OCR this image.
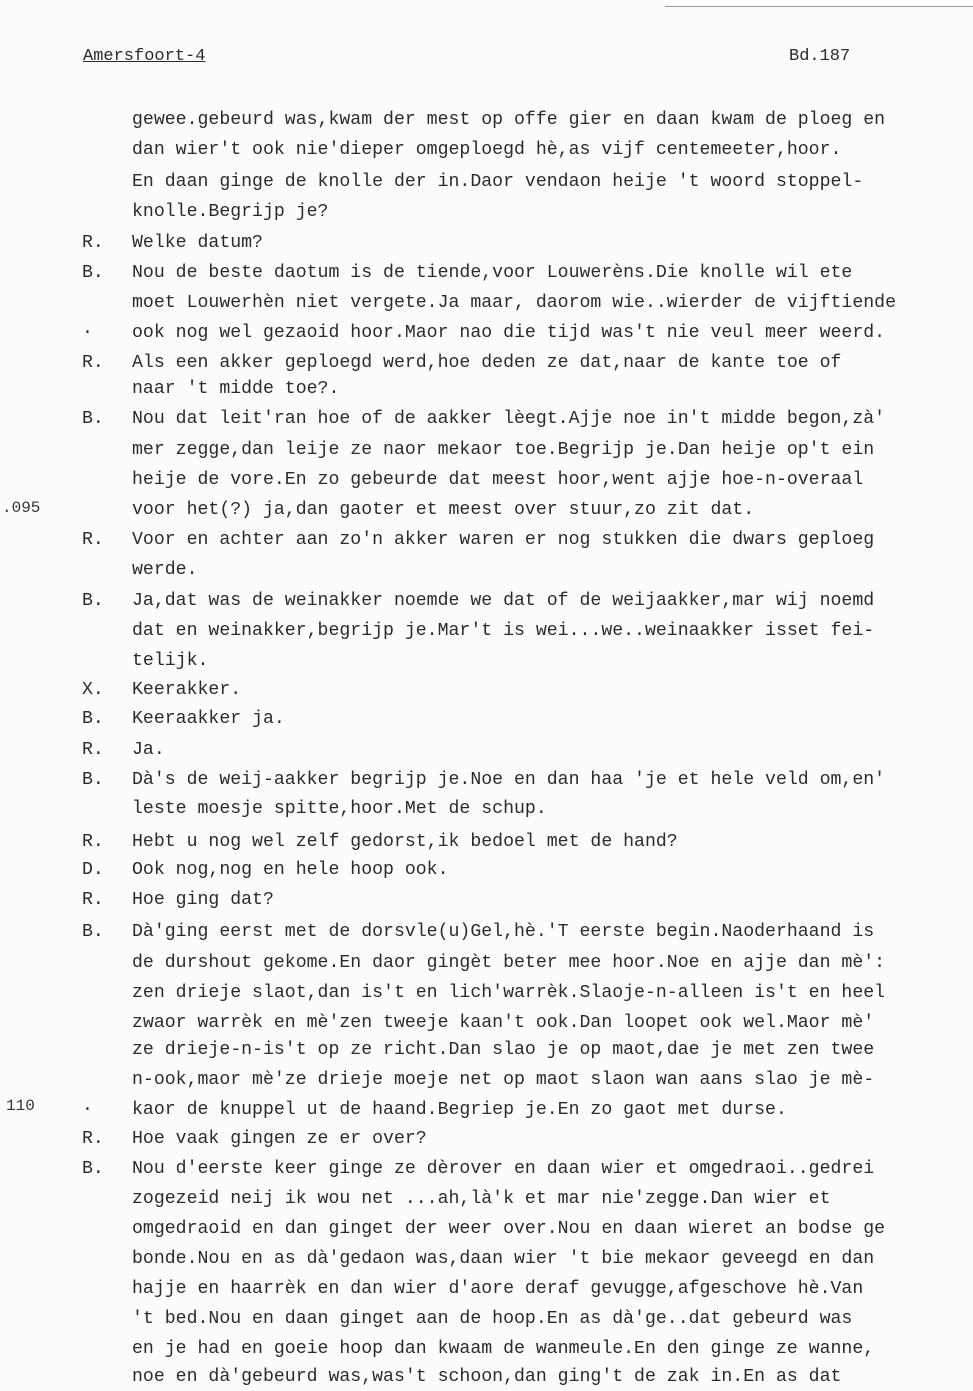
Amersfoort-4	Bd.187
.095
110
gewee.gebeurd was,kwam der mest op offe gier en daan kwam de ploeg en
dan wier't ook nie'dieper omgeploegd hè,as vijf centemeeter,hoor.
En daan ginge de knolle der in.Daor vendaon heije 't woord stoppel-
knolle.Begrijp je?
R. Welke datum?
B. Nou de beste daotum is de tiende,voor Louwerèns.Die knolle wil ete
moet Louwerhèn niet vergete.Ja maar, daorom wie..wierder de vijftiende
· ook nog wel gezaoid hoor.Maor nao die tijd was't nie veul meer weerd.
R. Als een akker geploegd werd,hoe deden ze dat,naar de kante toe of
naar 't midde toe?.
B. Nou dat leit'ran hoe of de aakker lèegt.Ajje noe in't midde begon,zà'
mer zegge,dan leije ze naor mekaor toe.Begrijp je.Dan heije op't ein
heije de vore.En zo gebeurde dat meest hoor,went ajje hoe-n-overaal
voor het(?) ja,dan gaoter et meest over stuur,zo zit dat.
R. Voor en achter aan zo'n akker waren er nog stukken die dwars geploeg
werde.
B. Ja,dat was de weinakker noemde we dat of de weijaakker,mar wij noemd
dat en weinakker,begrijp je.Mar't is wei...we..weinaakker isset fei-
telijk.
X. Keerakker.
B. Keeraakker ja.
R. Ja.
B. Dà's de weij-aakker begrijp je.Noe en dan haa 'je et hele veld om,en'
leste moesje spitte,hoor.Met de schup.
R. Hebt u nog wel zelf gedorst,ik bedoel met de hand?
D. Ook nog,nog en hele hoop ook.
R. Hoe ging dat?
B. Dà'ging eerst met de dorsvle(u)Gel,hè.'T eerste begin.Naoderhaand is
de durshout gekome.En daor gingèt beter mee hoor.Noe en ajje dan mè':
zen drieje slaot,dan is't en lich'warrèk.Slaoje-n-alleen is't en heel
zwaor warrèk en mè'zen tweeje kaan't ook.Dan loopet ook wel.Maor mè'
ze drieje-n-is't op ze richt.Dan slao je op maot,dae je met zen twee
n-ook,maor mè'ze drieje moeje net op maot slaon wan aans slao je mè-
· kaor de knuppel ut de haand.Begriep je.En zo gaot met durse.
R. Hoe vaak gingen ze er over?
B. Nou d'eerste keer ginge ze dèrover en daan wier et omgedraoi..gedrei
zogezeid neij ik wou net ...ah,là'k et mar nie'zegge.Dan wier et
omgedraoid en dan ginget der weer over.Nou en daan wieret an bodse ge
bonde.Nou en as dà'gedaon was,daan wier 't bie mekaor geveegd en dan
hajje en haarrèk en dan wier d'aore deraf gevugge,afgeschove hè.Van
't bed.Nou en daan ginget aan de hoop.En as dà'ge..dat gebeurd was
en je had en goeie hoop dan kwaam de wanmeule.En den ginge ze wanne,
noe en dà'gebeurd was,was't schoon,dan ging't de zak in.En as dat
